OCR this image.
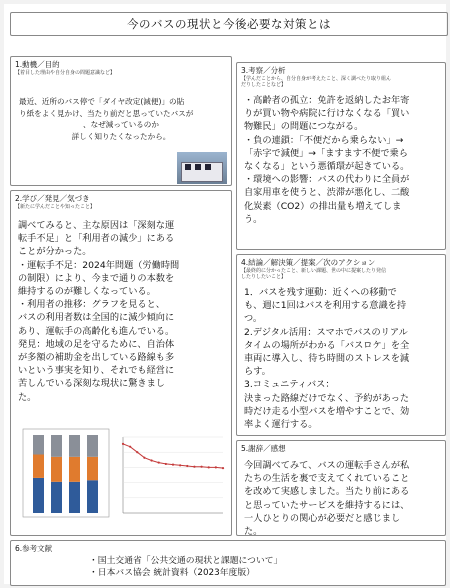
今のバスの現状と今後必要な対策とは
1.動機／目的
【着目した理由や自分自身の問題意識など】
最近、近所のバス停で「ダイヤ改定(減便)」の貼
り紙をよく見かけ、当たり前だと思っていたバスが

、なぜ減っているのか
詳しく知りたくなったから。
2.学び／発見／気づき
【新たに学んだことや知ったこと】
調べてみると、主な原因は「深刻な運
転手不足」と「利用者の減少」にある
ことが分かった。
・運転手不足：2024年問題（労働時間
の制限）により、今まで通りの本数を
維持するのが難しくなっている。
・利用者の推移：グラフを見ると、
バスの利用者数は全国的に減少傾向に
あり、運転手の高齢化も進んでいる。
発見：地域の足を守るために、自治体
が多額の補助金を出している路線も多
いという事実を知り、それでも経営に
苦しんでいる深刻な現状に驚きまし
た。

3.考察／分析
【学んだことから、自分自身が考えたこと、深く調べたり取り組ん
だりしたことなど】
・高齢者の孤立：免許を返納したお年寄
りが買い物や病院に行けなくなる「買い
物難民」の問題につながる。
・負の連鎖：「不便だから乗らない」→
「赤字で減便」→「ますます不便で乗ら
なくなる」という悪循環が起きている。
・環境への影響：バスの代わりに全員が
自家用車を使うと、渋滞が悪化し、二酸
化炭素（CO2）の排出量も増えてしま
う。

4.結論／解決策／提案／次のアクション
【最終的に分かったこと、新しい課題、世の中に提案したり発信
したりしたいこと】
1．バスを残す運動：近くへの移動で
も、週に1回はバスを利用する意識を持
つ。
2.デジタル活用：スマホでバスのリアル
タイムの場所がわかる「バスロケ」を全
車両に導入し、待ち時間のストレスを減
らす。
3.コミュニティバス：
決まった路線だけでなく、予約があった
時だけ走る小型バスを増やすことで、効
率よく運行する。

5.謝辞／感想
今回調べてみて、バスの運転手さんが私
たちの生活を裏で支えてくれていること
を改めて実感しました。当たり前にある
と思っていたサービスを維持するには、
一人ひとりの関心が必要だと感じまし
た。

6.参考文献
・国土交通省「公共交通の現状と課題について」
・日本バス協会 統計資料（2023年度版）
